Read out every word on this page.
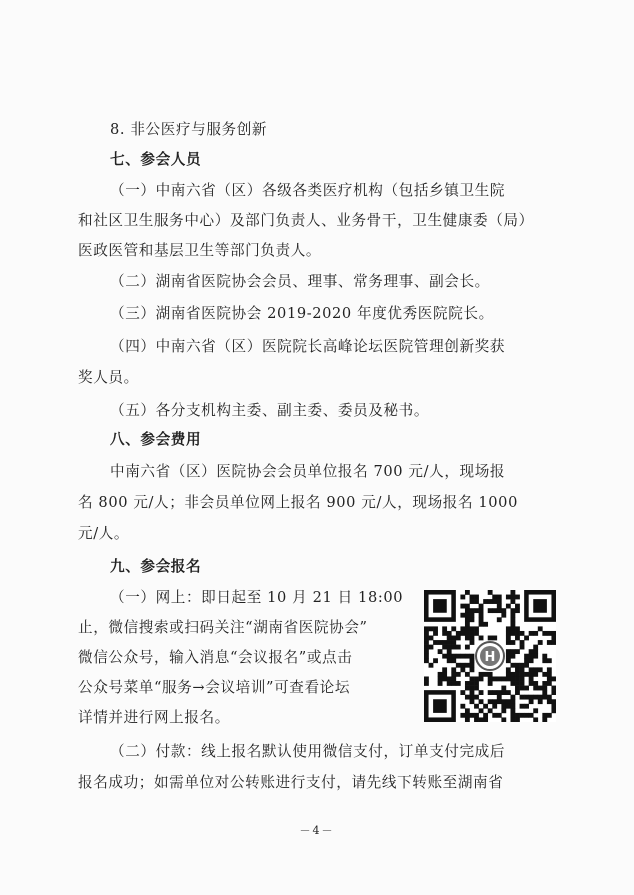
8. 非公医疗与服务创新
七、参会人员
（一）中南六省（区）各级各类医疗机构（包括乡镇卫生院
和社区卫生服务中心）及部门负责人、业务骨干，卫生健康委（局）
医政医管和基层卫生等部门负责人。
（二）湖南省医院协会会员、理事、常务理事、副会长。
（三）湖南省医院协会 2019-2020 年度优秀医院院长。
（四）中南六省（区）医院院长高峰论坛医院管理创新奖获
奖人员。
（五）各分支机构主委、副主委、委员及秘书。
八、参会费用
中南六省（区）医院协会会员单位报名 700 元/人，现场报
名 800 元/人；非会员单位网上报名 900 元/人，现场报名 1000
元/人。
九、参会报名
（一）网上：即日起至 10 月 21 日 18:00
止，微信搜索或扫码关注“湖南省医院协会”
微信公众号，输入消息“会议报名”或点击
公众号菜单“服务→会议培训”可查看论坛
详情并进行网上报名。
（二）付款：线上报名默认使用微信支付，订单支付完成后
报名成功；如需单位对公转账进行支付，请先线下转账至湖南省
H
－4－
